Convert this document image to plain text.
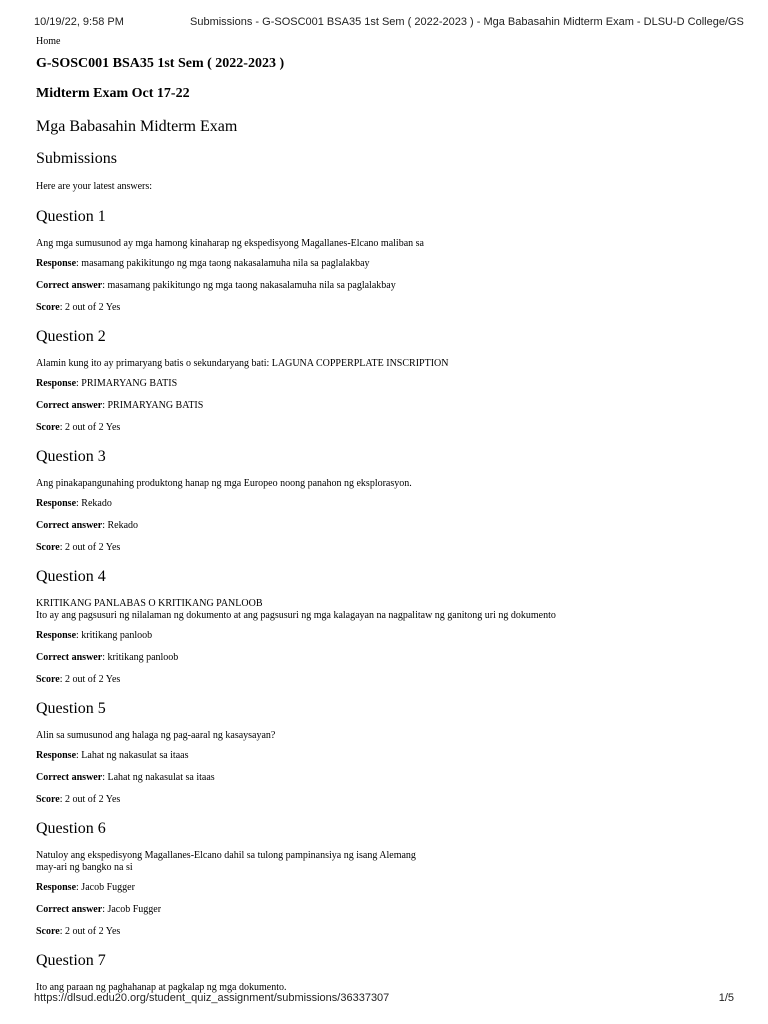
10/19/22, 9:58 PM	Submissions - G-SOSC001 BSA35 1st Sem ( 2022-2023 ) - Mga Babasahin Midterm Exam - DLSU-D College/GS
Home
G-SOSC001 BSA35 1st Sem ( 2022-2023 )
Midterm Exam Oct 17-22
Mga Babasahin Midterm Exam
Submissions
Here are your latest answers:
Question 1
Ang mga sumusunod ay mga hamong kinaharap ng ekspedisyong Magallanes-Elcano maliban sa
Response: masamang pakikitungo ng mga taong nakasalamuha nila sa paglalakbay
Correct answer: masamang pakikitungo ng mga taong nakasalamuha nila sa paglalakbay
Score: 2 out of 2 Yes
Question 2
Alamin kung ito ay primaryang batis o sekundaryang bati: LAGUNA COPPERPLATE INSCRIPTION
Response: PRIMARYANG BATIS
Correct answer: PRIMARYANG BATIS
Score: 2 out of 2 Yes
Question 3
Ang pinakapangunahing produktong hanap ng mga Europeo noong panahon ng eksplorasyon.
Response: Rekado
Correct answer: Rekado
Score: 2 out of 2 Yes
Question 4
KRITIKANG PANLABAS O KRITIKANG PANLOOB
Ito ay ang pagsusuri ng nilalaman ng dokumento at ang pagsusuri ng mga kalagayan na nagpalitaw ng ganitong uri ng dokumento
Response: kritikang panloob
Correct answer: kritikang panloob
Score: 2 out of 2 Yes
Question 5
Alin sa sumusunod ang halaga ng pag-aaral ng kasaysayan?
Response: Lahat ng nakasulat sa itaas
Correct answer: Lahat ng nakasulat sa itaas
Score: 2 out of 2 Yes
Question 6
Natuloy ang ekspedisyong Magallanes-Elcano dahil sa tulong pampinansiya ng isang Alemang
may-ari ng bangko na si
Response: Jacob Fugger
Correct answer: Jacob Fugger
Score: 2 out of 2 Yes
Question 7
Ito ang paraan ng paghahanap at pagkalap ng mga dokumento.
https://dlsud.edu20.org/student_quiz_assignment/submissions/36337307	1/5
